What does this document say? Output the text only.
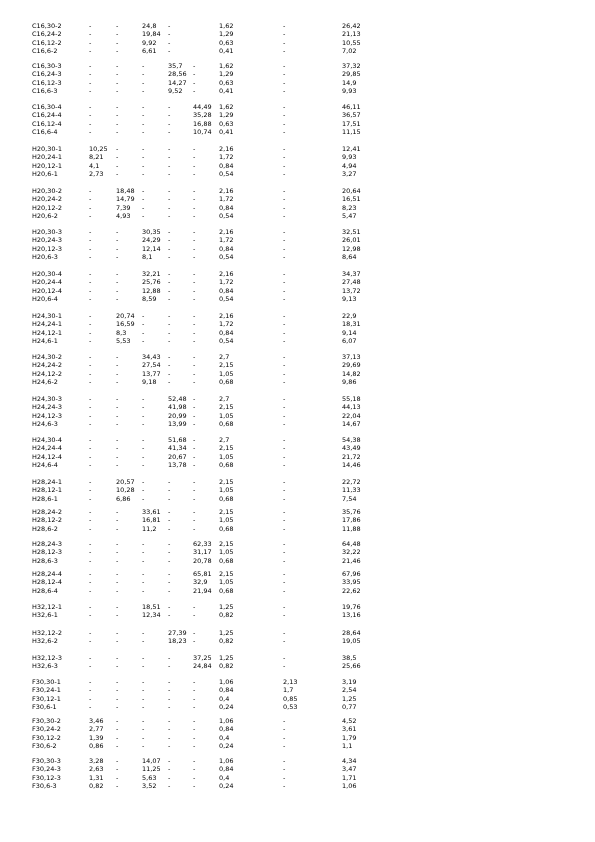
C16,30-2	-	-	24,8 -	1,62	-	26,42
C16,24-2	-	-	19,84 -	1,29	-	21,13
C16,12-2	-	-	9,92 -	0,63	-	10,55
C16,6-2	-	-	6,61 -	0,41	-	7,02
C16,30-3	-	-	-	35,7 -	1,62	-	37,32
C16,24-3	-	-	-	28,56 -	1,29	-	29,85
C16,12-3	-	-	-	14,27 -	0,63	-	14,9
C16,6-3	-	-	-	9,52 -	0,41	-	9,93
C16,30-4	-	-	-	-	44,49 1,62	-	46,11
C16,24-4	-	-	-	-	35,28 1,29	-	36,57
C16,12-4	-	-	-	-	16,88 0,63	-	17,51
C16,6-4	-	-	-	-	10,74 0,41	-	11,15
H20,30-1	10,25 -	-	-	-	2,16	-	12,41
H20,24-1	8,21 -	-	-	-	1,72	-	9,93
H20,12-1	4,1	-	-	-	-	0,84	-	4,94
H20,6-1	2,73 -	-	-	-	0,54	-	3,27
H20,30-2	-	18,48 -	-	-	2,16	-	20,64
H20,24-2	-	14,79 -	-	-	1,72	-	16,51
H20,12-2	-	7,39 -	-	-	0,84	-	8,23
H20,6-2	-	4,93 -	-	-	0,54	-	5,47
H20,30-3	-	-	30,35 -	-	2,16	-	32,51
H20,24-3	-	-	24,29 -	-	1,72	-	26,01
H20,12-3	-	-	12,14 -	-	0,84	-	12,98
H20,6-3	-	-	8,1 -	-	0,54	-	8,64
H20,30-4	-	-	32,21 -	-	2,16	-	34,37
H20,24-4	-	-	25,76 -	-	1,72	-	27,48
H20,12-4	-	-	12,88 -	-	0,84	-	13,72
H20,6-4	-	-	8,59 -	-	0,54	-	9,13
H24,30-1	-	20,74 -	-	-	2,16	-	22,9
H24,24-1	-	16,59 -	-	-	1,72	-	18,31
H24,12-1	-	8,3 -	-	-	0,84	-	9,14
H24,6-1	-	5,53 -	-	-	0,54	-	6,07
H24,30-2	-	-	34,43 -	-	2,7	-	37,13
H24,24-2	-	-	27,54 -	-	2,15	-	29,69
H24,12-2	-	-	13,77 -	-	1,05	-	14,82
H24,6-2	-	-	9,18 -	-	0,68	-	9,86
H24,30-3	-	-	-	52,48 -	2,7	-	55,18
H24,24-3	-	-	-	41,98 -	2,15	-	44,13
H24,12-3	-	-	-	20,99 -	1,05	-	22,04
H24,6-3	-	-	-	13,99 -	0,68	-	14,67
H24,30-4	-	-	-	51,68 -	2,7	-	54,38
H24,24-4	-	-	-	41,34 -	2,15	-	43,49
H24,12-4	-	-	-	20,67 -	1,05	-	21,72
H24,6-4	-	-	-	13,78 -	0,68	-	14,46
H28,24-1	-	20,57 -	-	-	2,15	-	22,72
H28,12-1	-	10,28 -	-	-	1,05	-	11,33
H28,6-1	-	6,86 -	-	-	0,68	-	7,54
H28,24-2	-	-	33,61 -	-	2,15	-	35,76
H28,12-2	-	-	16,81 -	-	1,05	-	17,86
H28,6-2	-	-	11,2 -	-	0,68	-	11,88
H28,24-3	-	-	-	-	62,33 2,15	-	64,48
H28,12-3	-	-	-	-	31,17 1,05	-	32,22
H28,6-3	-	-	-	-	20,78 0,68	-	21,46
H28,24-4	-	-	-	-	65,81 2,15	-	67,96
H28,12-4	-	-	-	-	32,9 1,05	-	33,95
H28,6-4	-	-	-	-	21,94 0,68	-	22,62
H32,12-1	-	-	18,51 -	-	1,25	-	19,76
H32,6-1	-	-	12,34 -	-	0,82	-	13,16
H32,12-2	-	-	-	27,39 -	1,25	-	28,64
H32,6-2	-	-	-	18,23 -	0,82	-	19,05
H32,12-3	-	-	-	-	37,25 1,25	-	38,5
H32,6-3	-	-	-	-	24,84 0,82	-	25,66
F30,30-1	-	-	-	-	-	1,06	2,13	3,19
F30,24-1	-	-	-	-	-	0,84	1,7	2,54
F30,12-1	-	-	-	-	-	0,4	0,85	1,25
F30,6-1	-	-	-	-	-	0,24	0,53	0,77
F30,30-2	3,46 -	-	-	-	1,06	-	4,52
F30,24-2	2,77 -	-	-	-	0,84	-	3,61
F30,12-2	1,39 -	-	-	-	0,4	-	1,79
F30,6-2	0,86 -	-	-	-	0,24	-	1,1
F30,30-3	3,28 -	14,07 -	-	1,06	-	4,34
F30,24-3	2,63 -	11,25 -	-	0,84	-	3,47
F30,12-3	1,31 -	5,63 -	-	0,4	-	1,71
F30,6-3	0,82 -	3,52 -	-	0,24	-	1,06
